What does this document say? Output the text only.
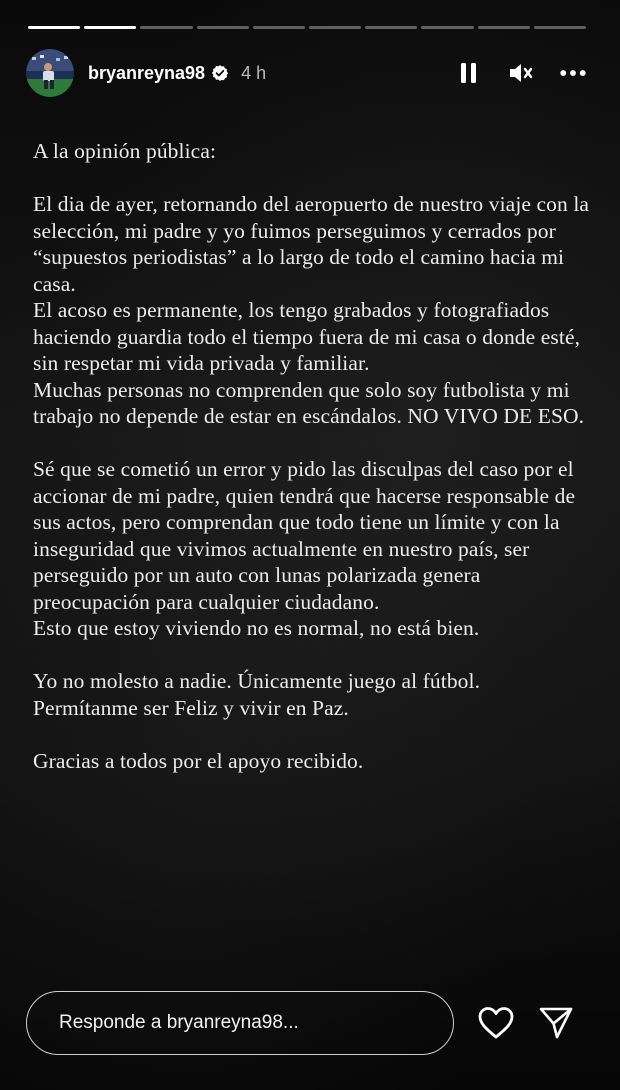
bryanreyna98 4 h

A la opinión pública:

El dia de ayer, retornando del aeropuerto de nuestro viaje con la selección, mi padre y yo fuimos perseguimos y cerrados por “supuestos periodistas” a lo largo de todo el camino hacia mi casa.

El acoso es permanente, los tengo grabados y fotografiados haciendo guardia todo el tiempo fuera de mi casa o donde esté, sin respetar mi vida privada y familiar.

Muchas personas no comprenden que solo soy futbolista y mi trabajo no depende de estar en escándalos. NO VIVO DE ESO.

Sé que se cometió un error y pido las disculpas del caso por el accionar de mi padre, quien tendrá que hacerse responsable de sus actos, pero comprendan que todo tiene un límite y con la inseguridad que vivimos actualmente en nuestro país, ser perseguido por un auto con lunas polarizada genera preocupación para cualquier ciudadano.

Esto que estoy viviendo no es normal, no está bien.

Yo no molesto a nadie. Únicamente juego al fútbol.

Permítanme ser Feliz y vivir en Paz.

Gracias a todos por el apoyo recibido.

Responde a bryanreyna98...
